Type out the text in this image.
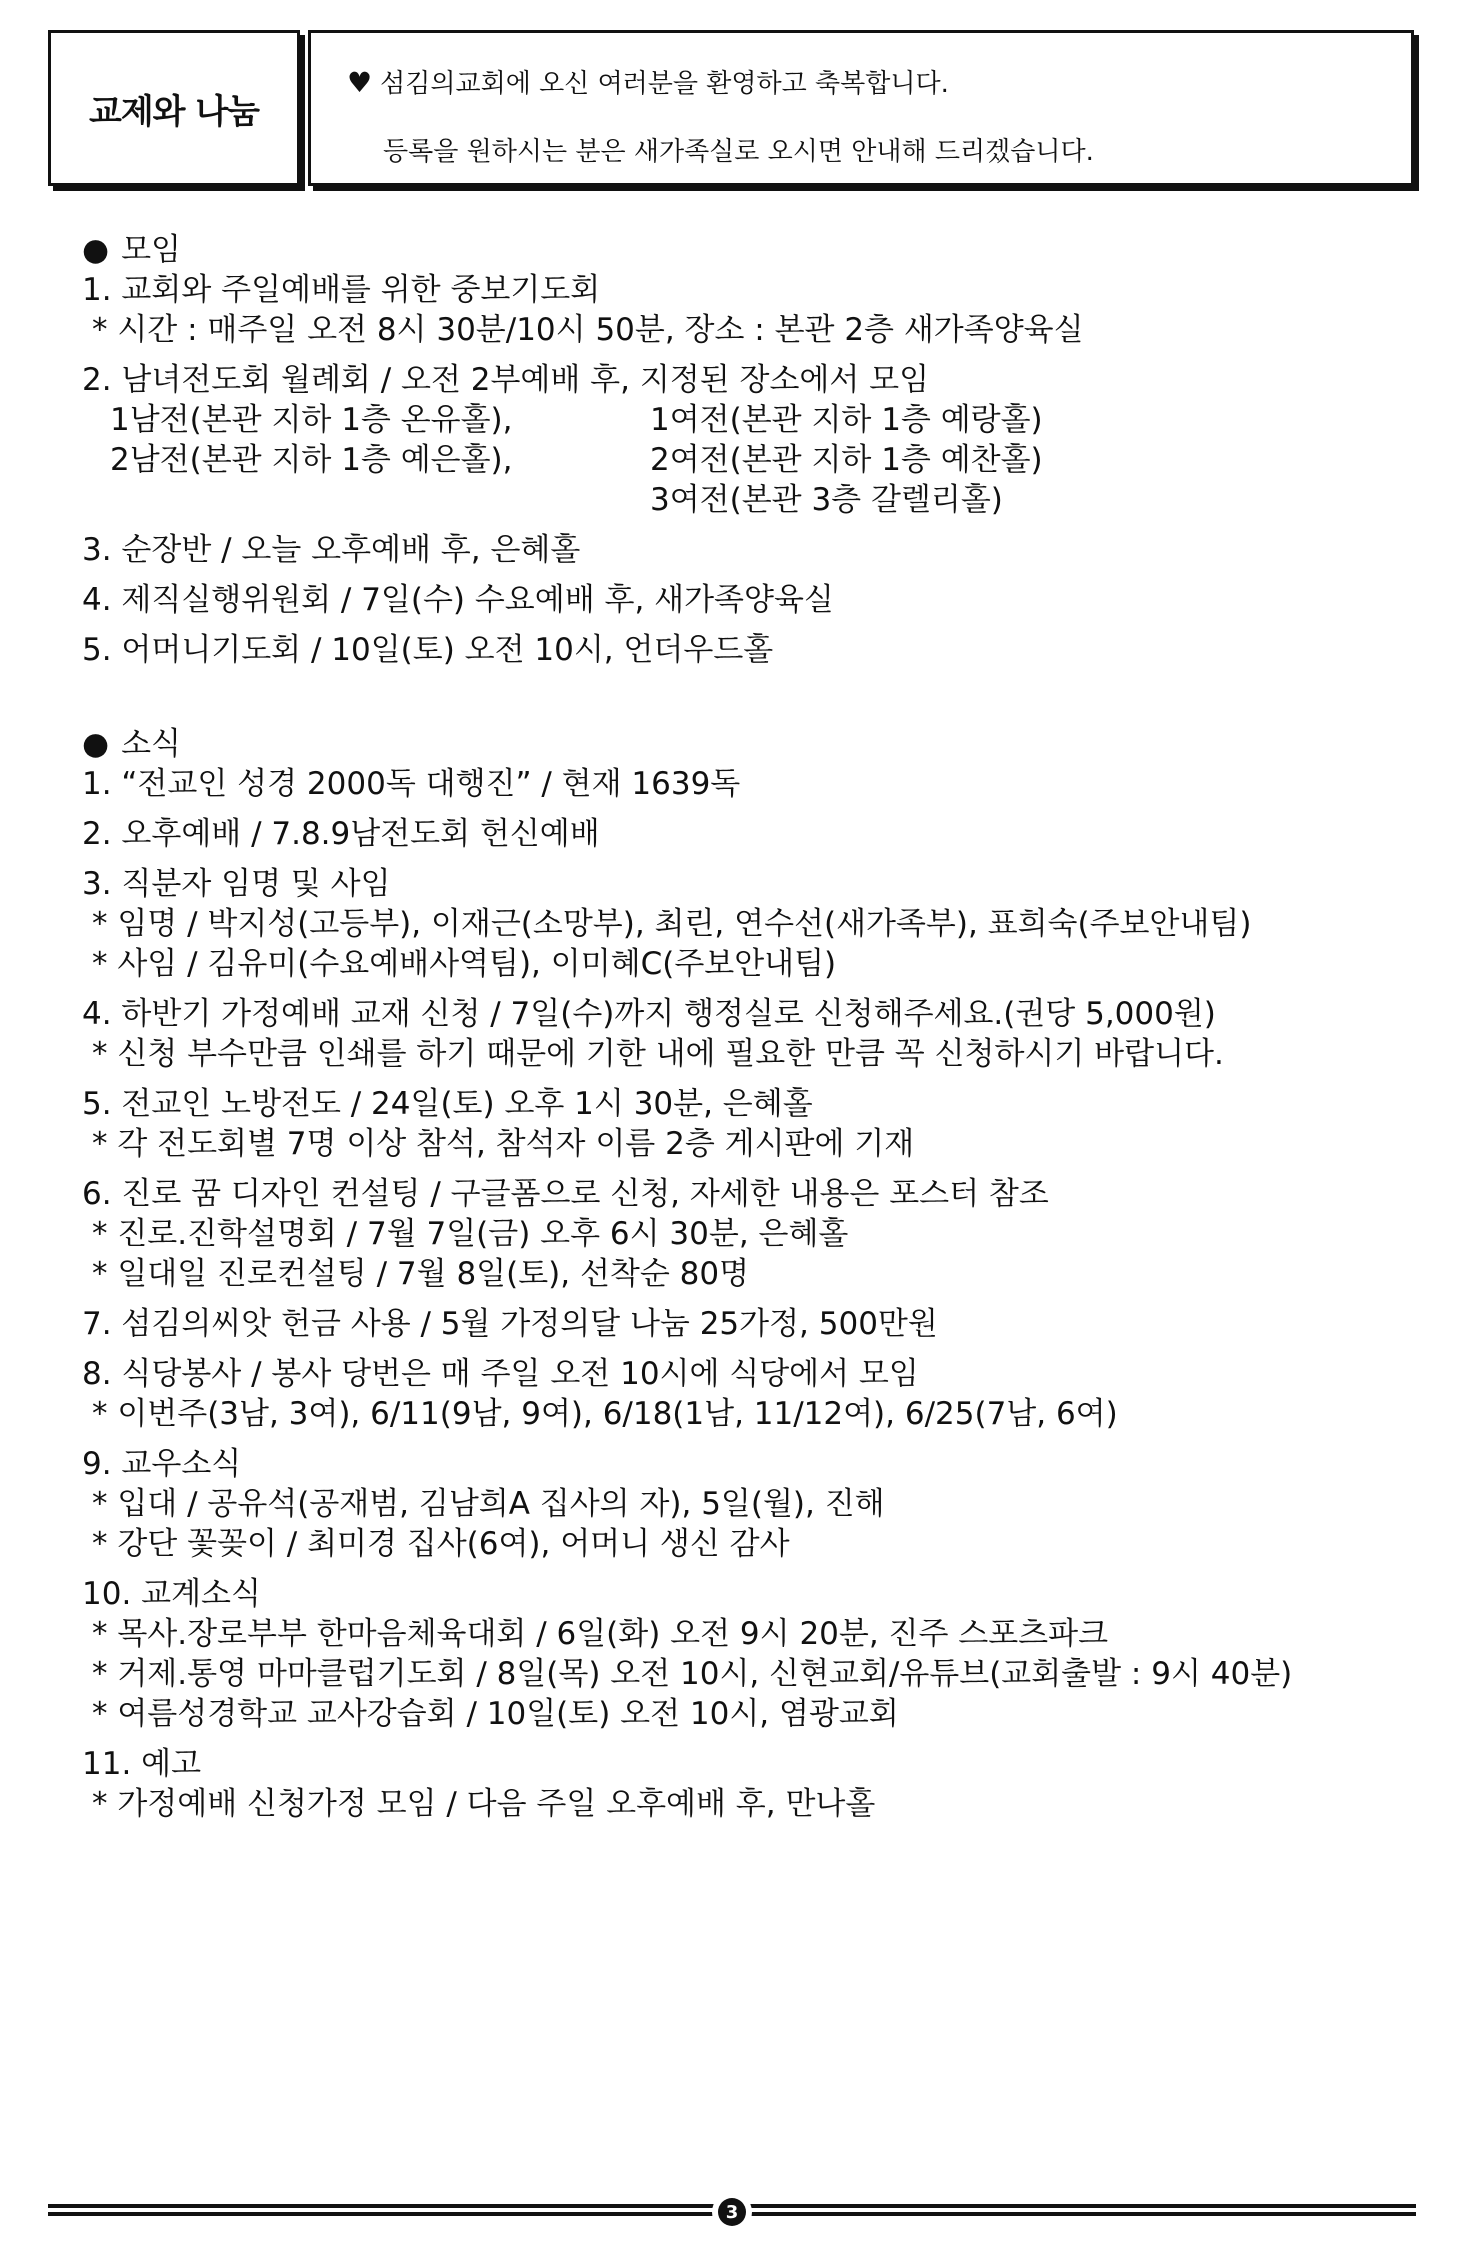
교제와 나눔
♥ 섬김의교회에 오신 여러분을 환영하고 축복합니다.
등록을 원하시는 분은 새가족실로 오시면 안내해 드리겠습니다.
● 모임
1. 교회와 주일예배를 위한 중보기도회
* 시간 : 매주일 오전 8시 30분/10시 50분, 장소 : 본관 2층 새가족양육실
2. 남녀전도회 월례회 / 오전 2부예배 후, 지정된 장소에서 모임
1남전(본관 지하 1층 온유홀),	1여전(본관 지하 1층 예랑홀)
2남전(본관 지하 1층 예은홀),	2여전(본관 지하 1층 예찬홀)
3여전(본관 3층 갈렐리홀)
3. 순장반 / 오늘 오후예배 후, 은혜홀
4. 제직실행위원회 / 7일(수) 수요예배 후, 새가족양육실
5. 어머니기도회 / 10일(토) 오전 10시, 언더우드홀
● 소식
1. “전교인 성경 2000독 대행진” / 현재 1639독
2. 오후예배 / 7.8.9남전도회 헌신예배
3. 직분자 임명 및 사임
* 임명 / 박지성(고등부), 이재근(소망부), 최린, 연수선(새가족부), 표희숙(주보안내팀)
* 사임 / 김유미(수요예배사역팀), 이미혜C(주보안내팀)
4. 하반기 가정예배 교재 신청 / 7일(수)까지 행정실로 신청해주세요.(권당 5,000원)
* 신청 부수만큼 인쇄를 하기 때문에 기한 내에 필요한 만큼 꼭 신청하시기 바랍니다.
5. 전교인 노방전도 / 24일(토) 오후 1시 30분, 은혜홀
* 각 전도회별 7명 이상 참석, 참석자 이름 2층 게시판에 기재
6. 진로 꿈 디자인 컨설팅 / 구글폼으로 신청, 자세한 내용은 포스터 참조
* 진로.진학설명회 / 7월 7일(금) 오후 6시 30분, 은혜홀
* 일대일 진로컨설팅 / 7월 8일(토), 선착순 80명
7. 섬김의씨앗 헌금 사용 / 5월 가정의달 나눔 25가정, 500만원
8. 식당봉사 / 봉사 당번은 매 주일 오전 10시에 식당에서 모임
* 이번주(3남, 3여), 6/11(9남, 9여), 6/18(1남, 11/12여), 6/25(7남, 6여)
9. 교우소식
* 입대 / 공유석(공재범, 김남희A 집사의 자), 5일(월), 진해
* 강단 꽃꽂이 / 최미경 집사(6여), 어머니 생신 감사
10. 교계소식
* 목사.장로부부 한마음체육대회 / 6일(화) 오전 9시 20분, 진주 스포츠파크
* 거제.통영 마마클럽기도회 / 8일(목) 오전 10시, 신현교회/유튜브(교회출발 : 9시 40분)
* 여름성경학교 교사강습회 / 10일(토) 오전 10시, 염광교회
11. 예고
* 가정예배 신청가정 모임 / 다음 주일 오후예배 후, 만나홀
3
